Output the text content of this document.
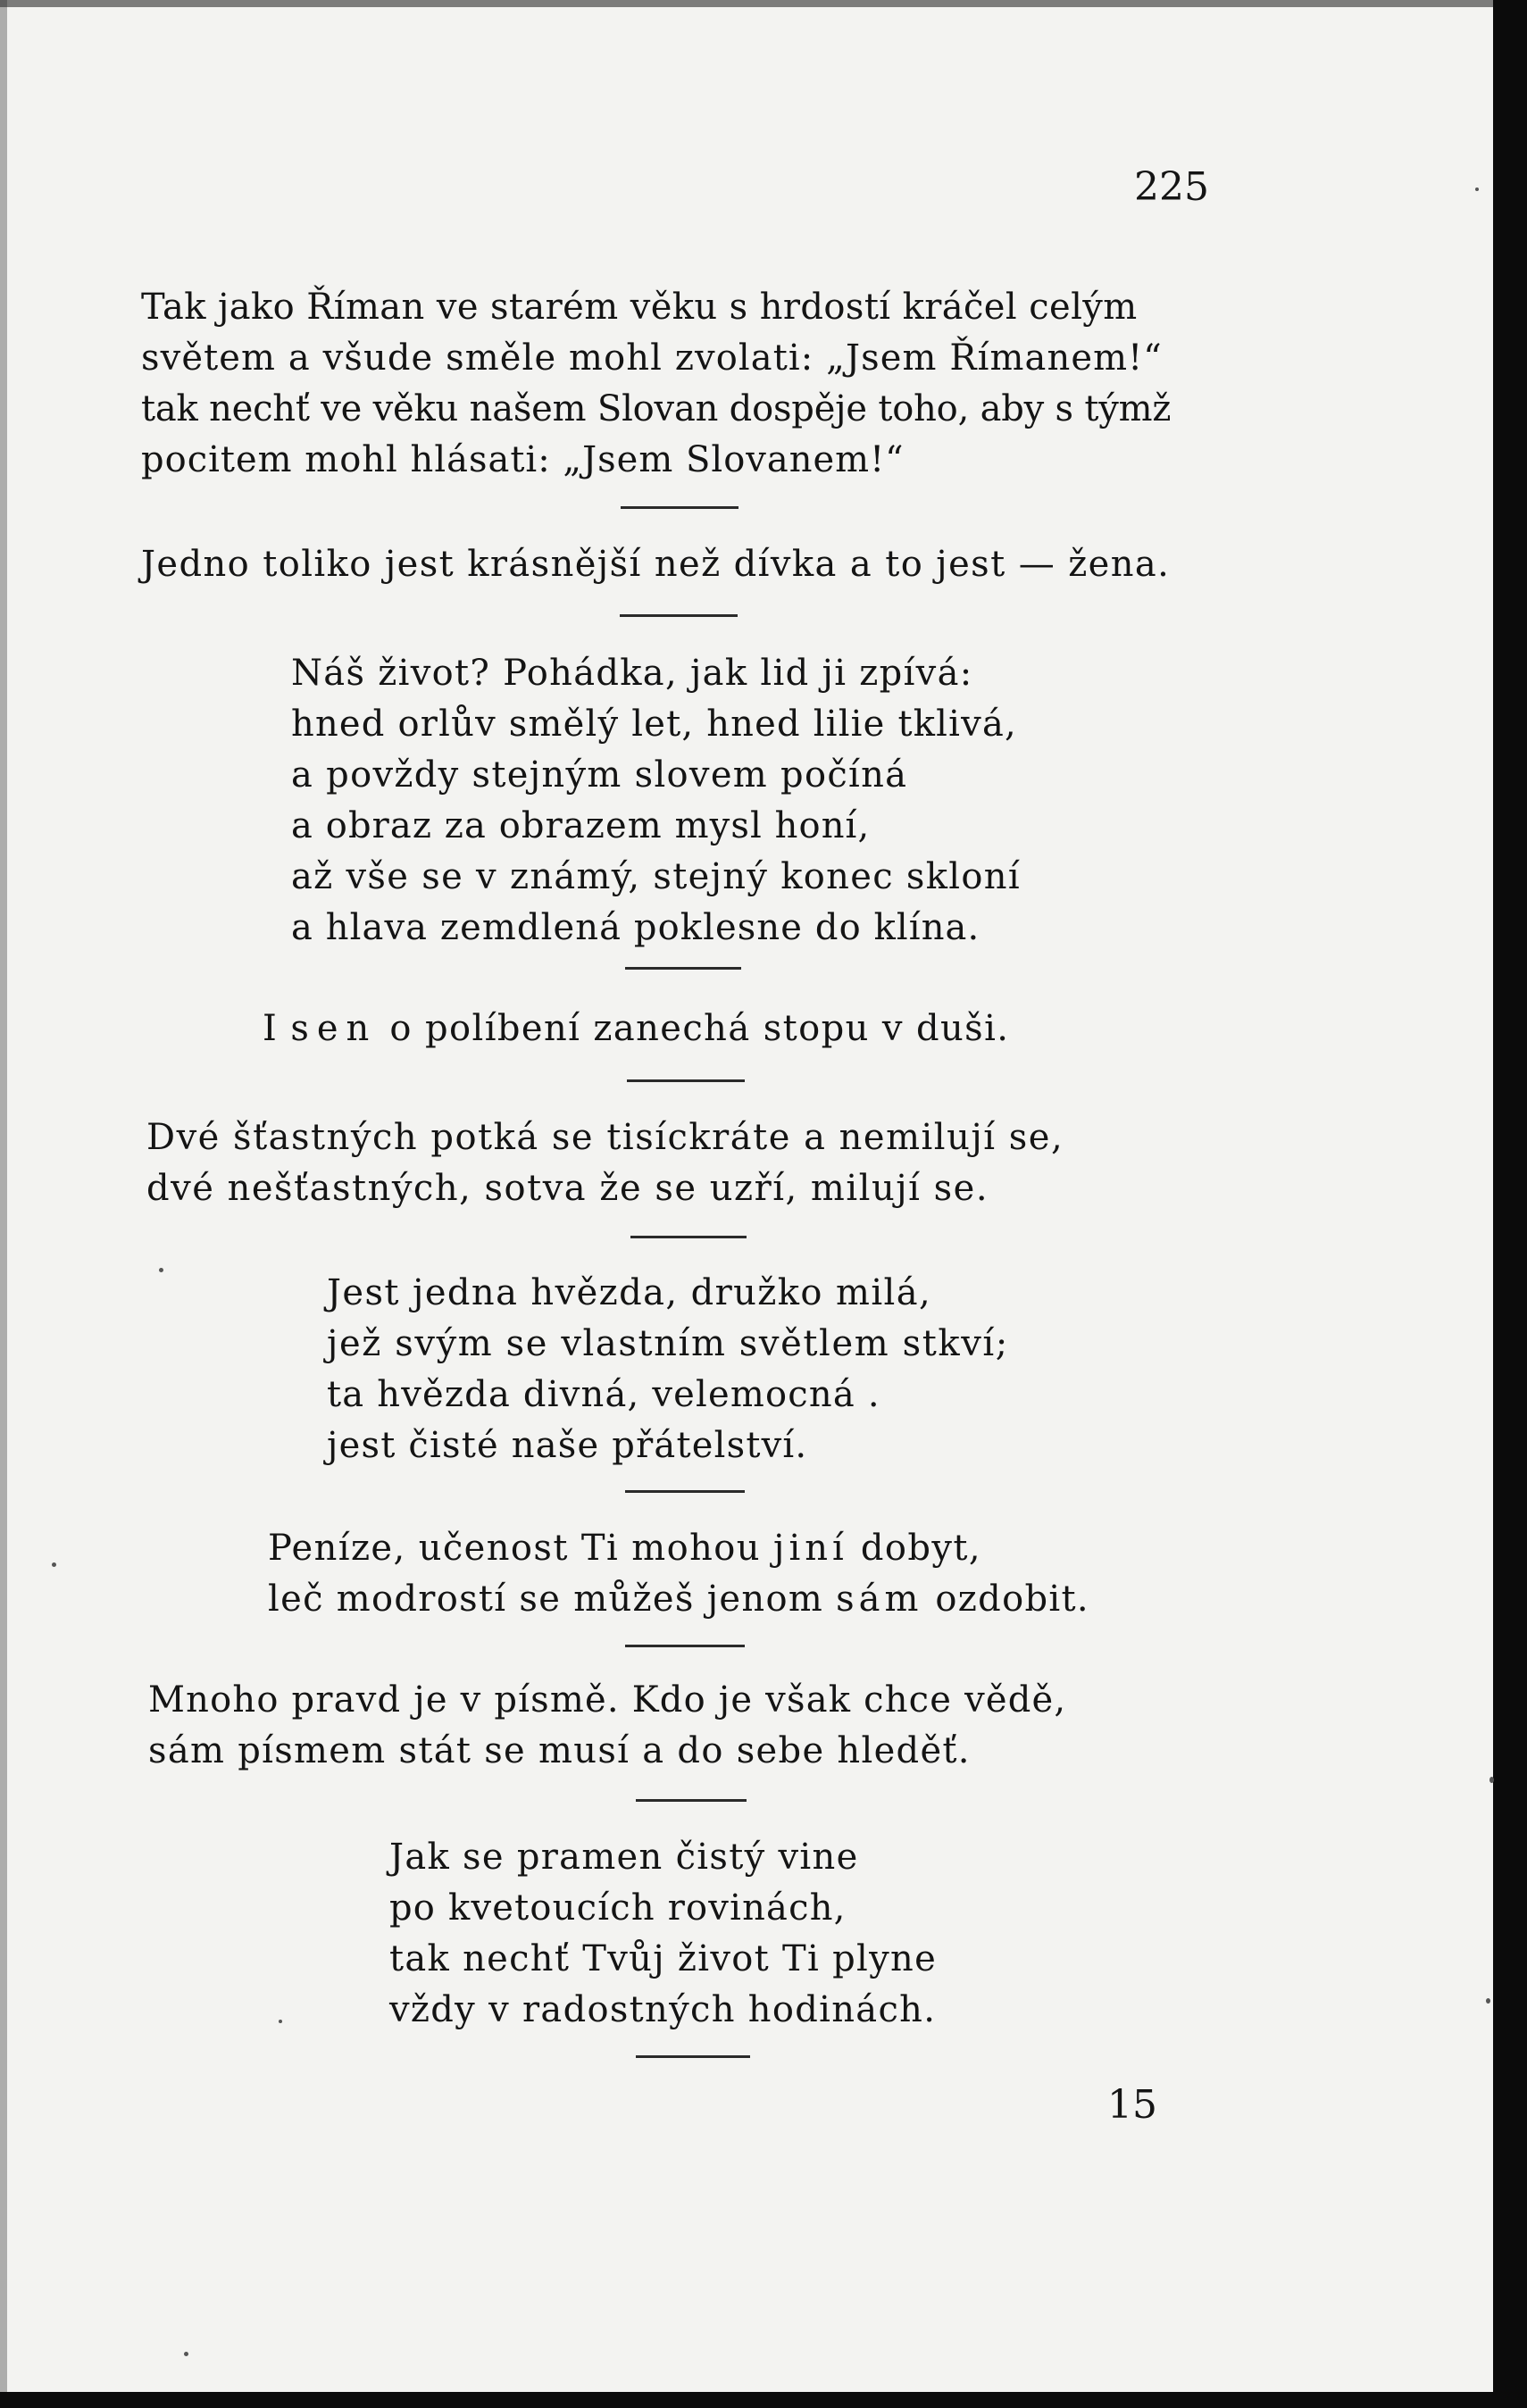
225

Tak jako Říman ve starém věku s hrdostí kráčel celým
světem a všude směle mohl zvolati: „Jsem Římanem!“
tak nechť ve věku našem Slovan dospěje toho, aby s týmž
pocitem mohl hlásati: „Jsem Slovanem!“

Jedno toliko jest krásnější než dívka a to jest — žena.

Náš život? Pohádka, jak lid ji zpívá:
hned orlův smělý let, hned lilie tklivá,
a povždy stejným slovem počíná
a obraz za obrazem mysl honí,
až vše se v známý, stejný konec skloní
a hlava zemdlená poklesne do klína.

I sen o políbení zanechá stopu v duši.

Dvé šťastných potká se tisíckráte a nemilují se,
dvé nešťastných, sotva že se uzří, milují se.
Jest jedna hvězda, družko milá,
jež svým se vlastním světlem stkví;
ta hvězda divná, velemocná .
jest čisté naše přátelství.
Peníze, učenost Ti mohou jiní dobyt,
leč modrostí se můžeš jenom sám ozdobit.
Mnoho pravd je v písmě. Kdo je však chce vědě,
sám písmem stát se musí a do sebe hleděť.
Jak se pramen čistý vine
po kvetoucích rovinách,
tak nechť Tvůj život Ti plyne
vždy v radostných hodinách.

15
